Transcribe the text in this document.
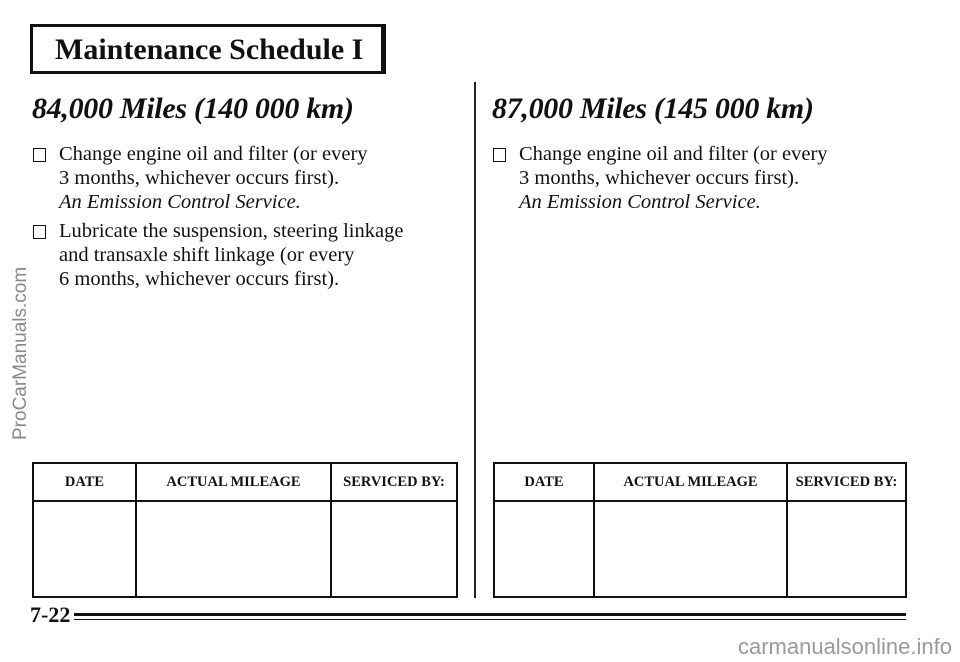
Maintenance Schedule I
84,000 Miles (140 000 km)
Change engine oil and filter (or every
3 months, whichever occurs first).
An Emission Control Service.
Lubricate the suspension, steering linkage
and transaxle shift linkage (or every
6 months, whichever occurs first).
87,000 Miles (145 000 km)
Change engine oil and filter (or every
3 months, whichever occurs first).
An Emission Control Service.
DATE	ACTUAL MILEAGE	SERVICED BY:	DATE	ACTUAL MILEAGE	SERVICED BY:
7-22
ProCarManuals.com
carmanualsonline.info
